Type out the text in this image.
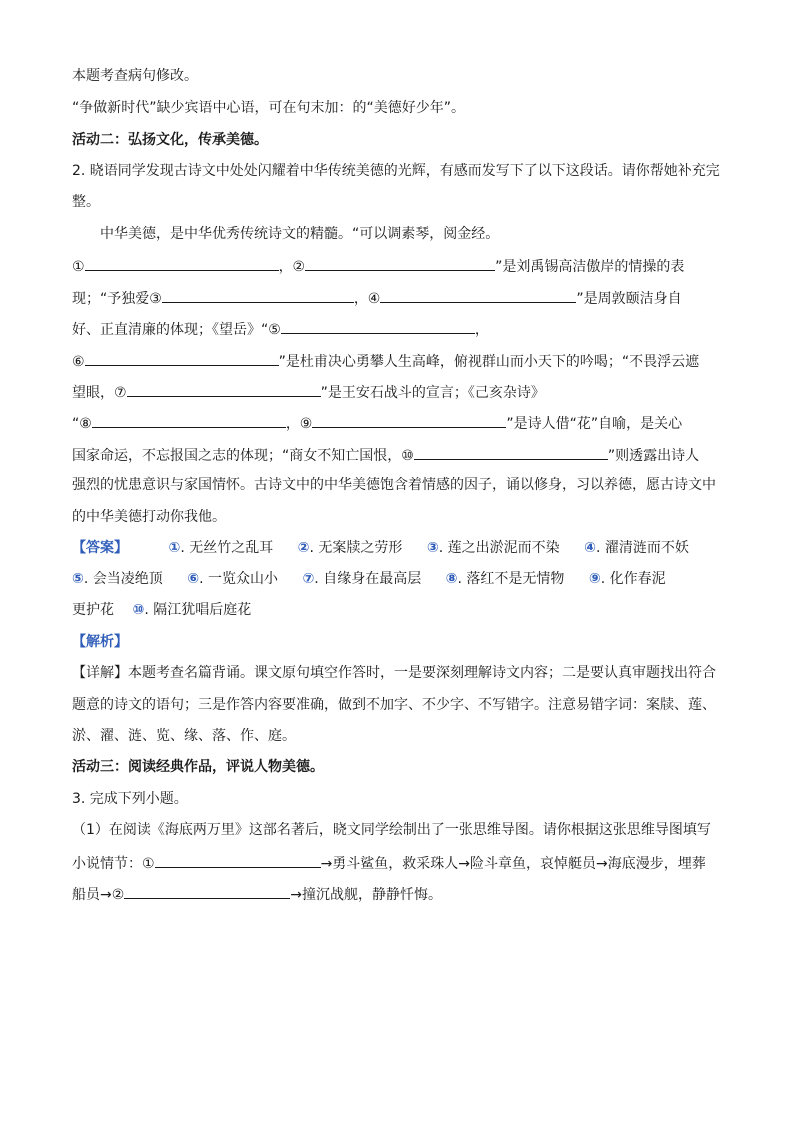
本题考查病句修改。
“争做新时代”缺少宾语中心语，可在句末加：的“美德好少年”。
活动二：弘扬文化，传承美德。
2. 晓语同学发现古诗文中处处闪耀着中华传统美德的光辉，有感而发写下了以下这段话。请你帮她补充完
整。
中华美德，是中华优秀传统诗文的精髓。“可以调素琴，阅金经。
①	，②	”是刘禹锡高洁傲岸的情操的表
现；“予独爱③	，④	”是周敦颐洁身自
好、正直清廉的体现；《望岳》“⑤	，
⑥	”是杜甫决心勇攀人生高峰，俯视群山而小天下的吟喝；“不畏浮云遮
望眼，⑦	”是王安石战斗的宣言；《己亥杂诗》
“⑧	，⑨	”是诗人借“花”自喻，是关心
国家命运，不忘报国之志的体现；“商女不知亡国恨，⑩	”则透露出诗人
强烈的忧患意识与家国情怀。古诗文中的中华美德饱含着情感的因子，诵以修身，习以养德，愿古诗文中
的中华美德打动你我他。
【答案】	①. 无丝竹之乱耳 ②. 无案牍之劳形 ③. 莲之出淤泥而不染 ④. 濯清涟而不妖
⑤. 会当凌绝顶 ⑥. 一览众山小 ⑦. 自缘身在最高层 ⑧. 落红不是无情物 ⑨. 化作春泥
更护花 ⑩. 隔江犹唱后庭花
【解析】
【详解】本题考查名篇背诵。课文原句填空作答时，一是要深刻理解诗文内容；二是要认真审题找出符合
题意的诗文的语句；三是作答内容要准确，做到不加字、不少字、不写错字。注意易错字词：案牍、莲、
淤、濯、涟、览、缘、落、作、庭。
活动三：阅读经典作品，评说人物美德。
3. 完成下列小题。
（1）在阅读《海底两万里》这部名著后，晓文同学绘制出了一张思维导图。请你根据这张思维导图填写
小说情节：①	→勇斗鲨鱼，救采珠人→险斗章鱼，哀悼艇员→海底漫步，埋葬
船员→②	→撞沉战舰，静静忏悔。
